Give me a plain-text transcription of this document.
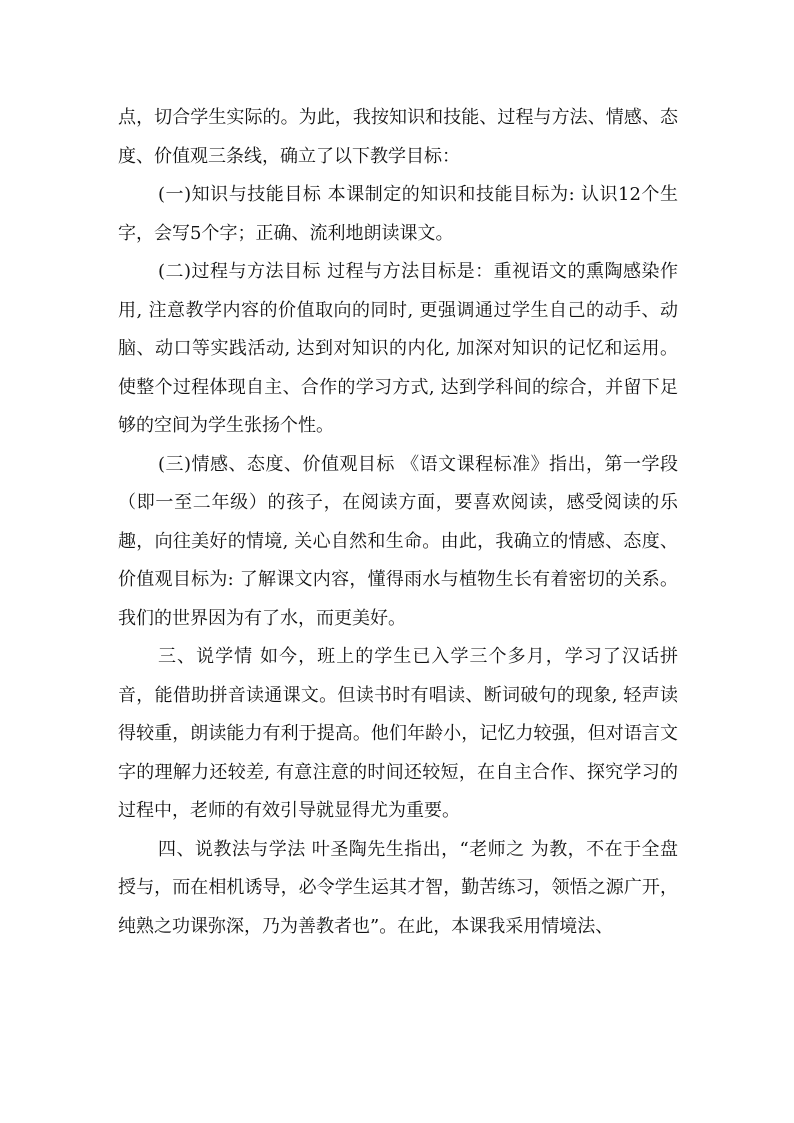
点，切合学生实际的。为此，我按知识和技能、过程与方法、情感、态度、价值观三条线，确立了以下教学目标：

(一)知识与技能目标 本课制定的知识和技能目标为: 认识12个生字，会写5个字；正确、流利地朗读课文。

(二)过程与方法目标 过程与方法目标是：重视语文的熏陶感染作用, 注意教学内容的价值取向的同时, 更强调通过学生自己的动手、动脑、动口等实践活动, 达到对知识的内化, 加深对知识的记忆和运用。使整个过程体现自主、合作的学习方式, 达到学科间的综合，并留下足够的空间为学生张扬个性。

(三)情感、态度、价值观目标 《语文课程标准》指出，第一学段（即一至二年级）的孩子，在阅读方面，要喜欢阅读，感受阅读的乐趣，向往美好的情境, 关心自然和生命。由此，我确立的情感、态度、价值观目标为: 了解课文内容，懂得雨水与植物生长有着密切的关系。我们的世界因为有了水，而更美好。

三、说学情 如今，班上的学生已入学三个多月，学习了汉话拼音，能借助拼音读通课文。但读书时有唱读、断词破句的现象, 轻声读得较重，朗读能力有利于提高。他们年龄小，记忆力较强，但对语言文字的理解力还较差, 有意注意的时间还较短，在自主合作、探究学习的过程中，老师的有效引导就显得尤为重要。

四、说教法与学法 叶圣陶先生指出，“老师之 为教，不在于全盘授与，而在相机诱导，必令学生运其才智，勤苦练习，领悟之源广开，纯熟之功课弥深，乃为善教者也”。在此，本课我采用情境法、
